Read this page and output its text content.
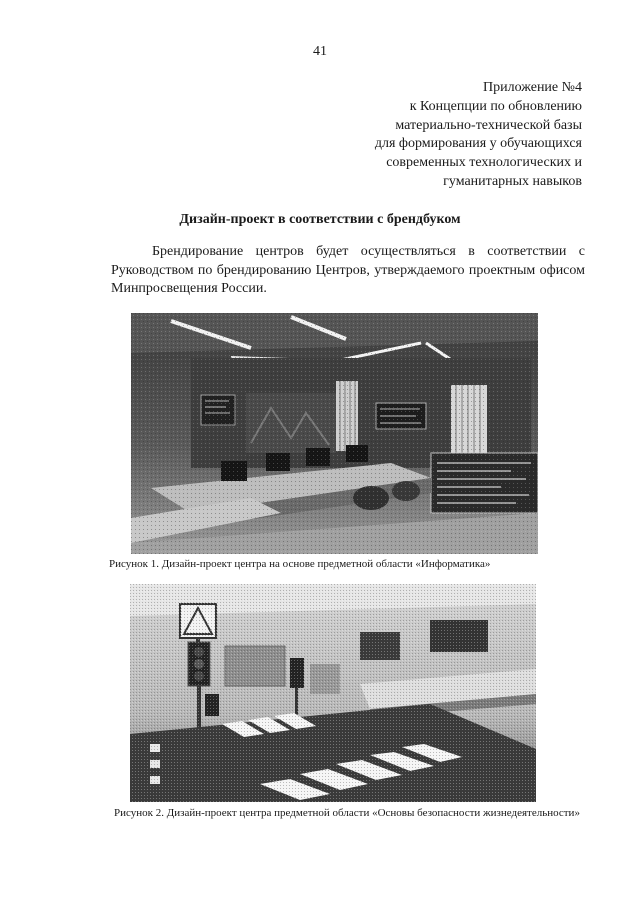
41
Приложение №4
к Концепции по обновлению
материально-технической базы
для формирования у обучающихся
современных технологических и
гуманитарных навыков
Дизайн-проект в соответствии с брендбуком
Брендирование центров будет осуществляться в соответствии с Руководством по брендированию Центров, утверждаемого проектным офисом Минпросвещения России.
Рисунок 1. Дизайн-проект центра на основе предметной области «Информатика»
Рисунок 2. Дизайн-проект центра предметной области «Основы безопасности жизнедеятельности»
